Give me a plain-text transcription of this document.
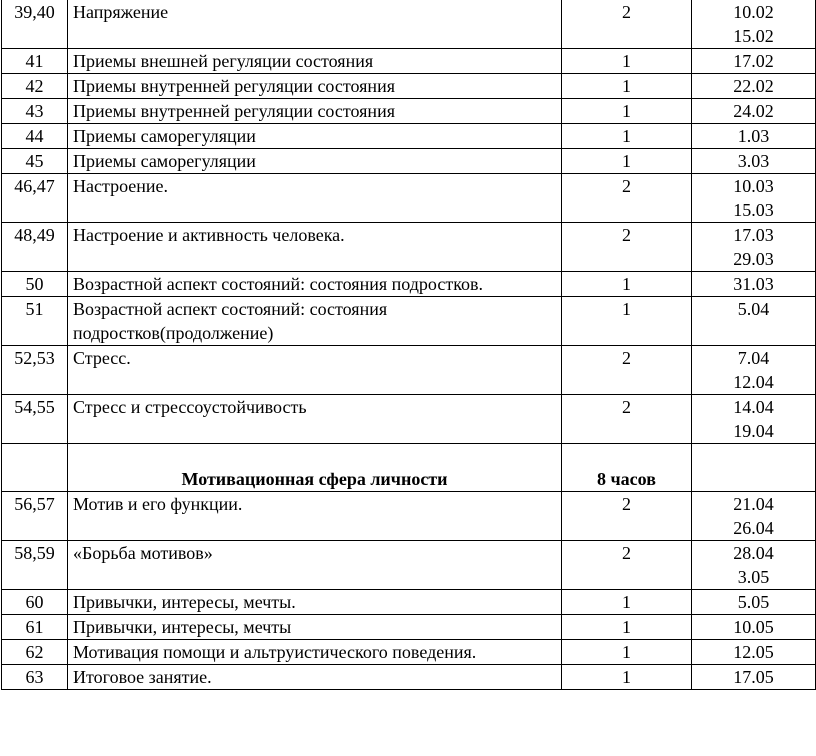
39,40	Напряжение	2	10.02
15.02

41	Приемы внешней регуляции состояния	1	17.02

42	Приемы внутренней регуляции состояния	1	22.02

43	Приемы внутренней регуляции состояния	1	24.02

44	Приемы саморегуляции	1	1.03

45	Приемы саморегуляции	1	3.03

46,47	Настроение.	2	10.03
15.03

48,49	Настроение и активность человека.	2	17.03
29.03

50	Возрастной аспект состояний: состояния подростков.	1	31.03

51	Возрастной аспект состояний: состояния подростков(продолжение)	1	5.04

52,53	Стресс.	2	7.04
12.04

54,55	Стресс и стрессоустойчивость	2	14.04
19.04

	Мотивационная сфера личности	8 часов	
56,57	Мотив и его функции.	2	21.04
26.04

58,59	«Борьба мотивов»	2	28.04
3.05

60	Привычки, интересы, мечты.	1	5.05

61	Привычки, интересы, мечты	1	10.05

62	Мотивация помощи и альтруистического поведения.	1	12.05

63	Итоговое занятие.	1	17.05
